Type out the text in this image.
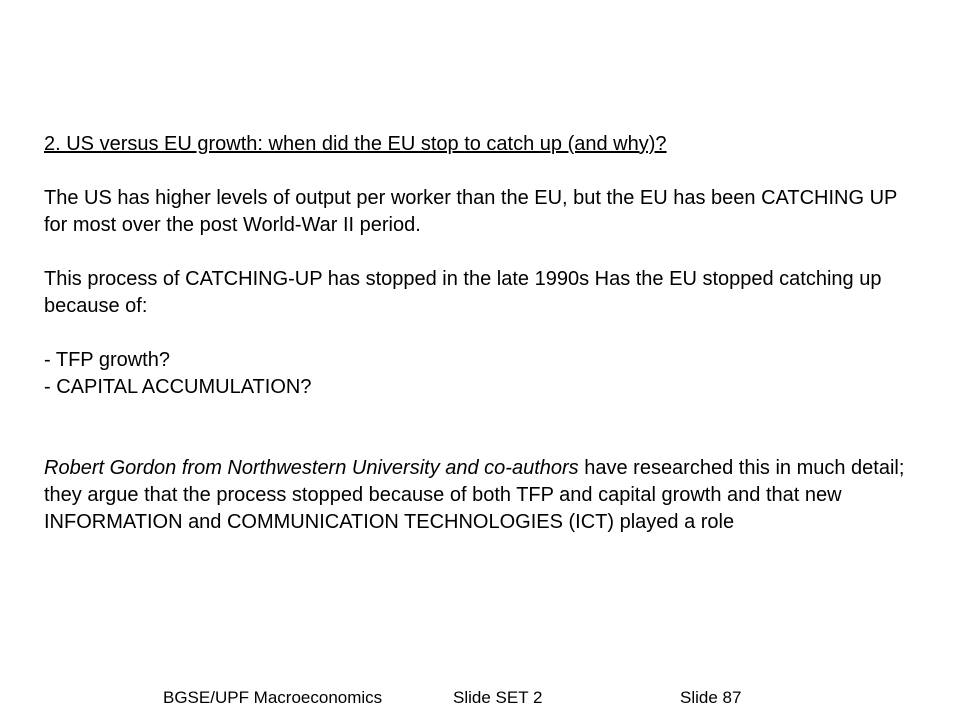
2. US versus EU growth: when did the EU stop to catch up (and why)?

The US has higher levels of output per worker than the EU, but the EU has been CATCHING UP for most over the post World-War II period.

This process of CATCHING-UP has stopped in the late 1990s Has the EU stopped catching up because of:

- TFP growth?
- CAPITAL ACCUMULATION?

Robert Gordon from Northwestern University and co-authors have researched this in much detail; they argue that the process stopped because of both TFP and capital growth and that new INFORMATION and COMMUNICATION TECHNOLOGIES (ICT) played a role

BGSE/UPF Macroeconomics	Slide SET 2	Slide 87
